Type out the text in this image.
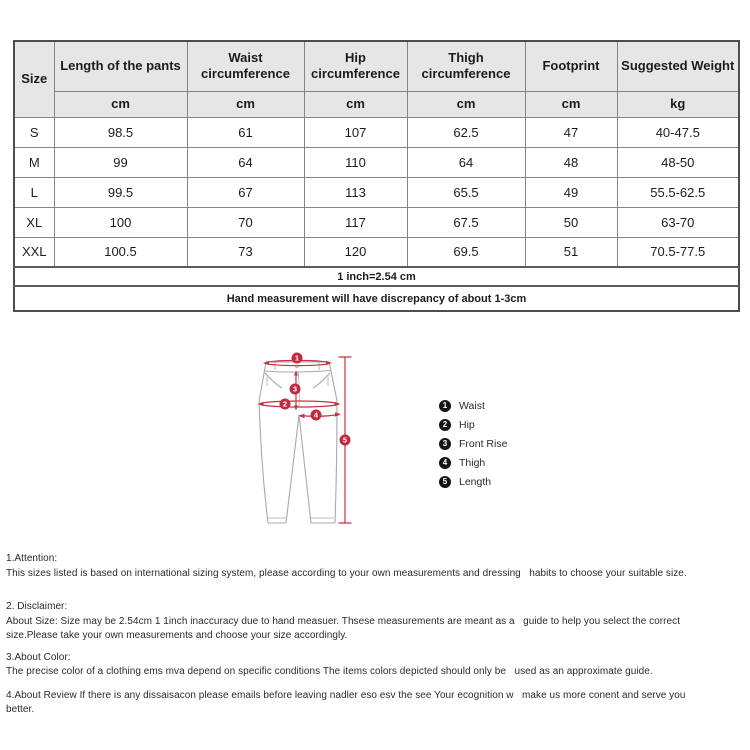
Size	Length of the pants	Waist circumference	Hip circumference	Thigh circumference	Footprint	Suggested Weight
	cm	cm	cm	cm	cm	kg
S	98.5	61	107	62.5	47	40-47.5
M	99	64	110	64	48	48-50
L	99.5	67	113	65.5	49	55.5-62.5
XL	100	70	117	67.5	50	63-70
XXL	100.5	73	120	69.5	51	70.5-77.5
1 inch=2.54 cm						
Hand measurement will have discrepancy of about 1-3cm						
1
2
3
4
5
1	Waist
2	Hip
3	Front Rise
4	Thigh
5	Length
1.Attention:
This sizes listed is based on international sizing system, please according to your own measurements and dressing   habits to choose your suitable size.
2. Disclaimer:
About Size: Size may be 2.54cm 1 1inch inaccuracy due to hand measuer. Thsese measurements are meant as a   guide to help you select the correct
size.Please take your own measurements and choose your size accordingly.
3.About Color:
The precise color of a clothing ems mva depend on specific conditions The items colors depicted should only be   used as an approximate guide.
4.About Review If there is any dissaisacon please emails before leaving nadler eso esv the see Your ecognition w   make us more conent and serve you
better.
